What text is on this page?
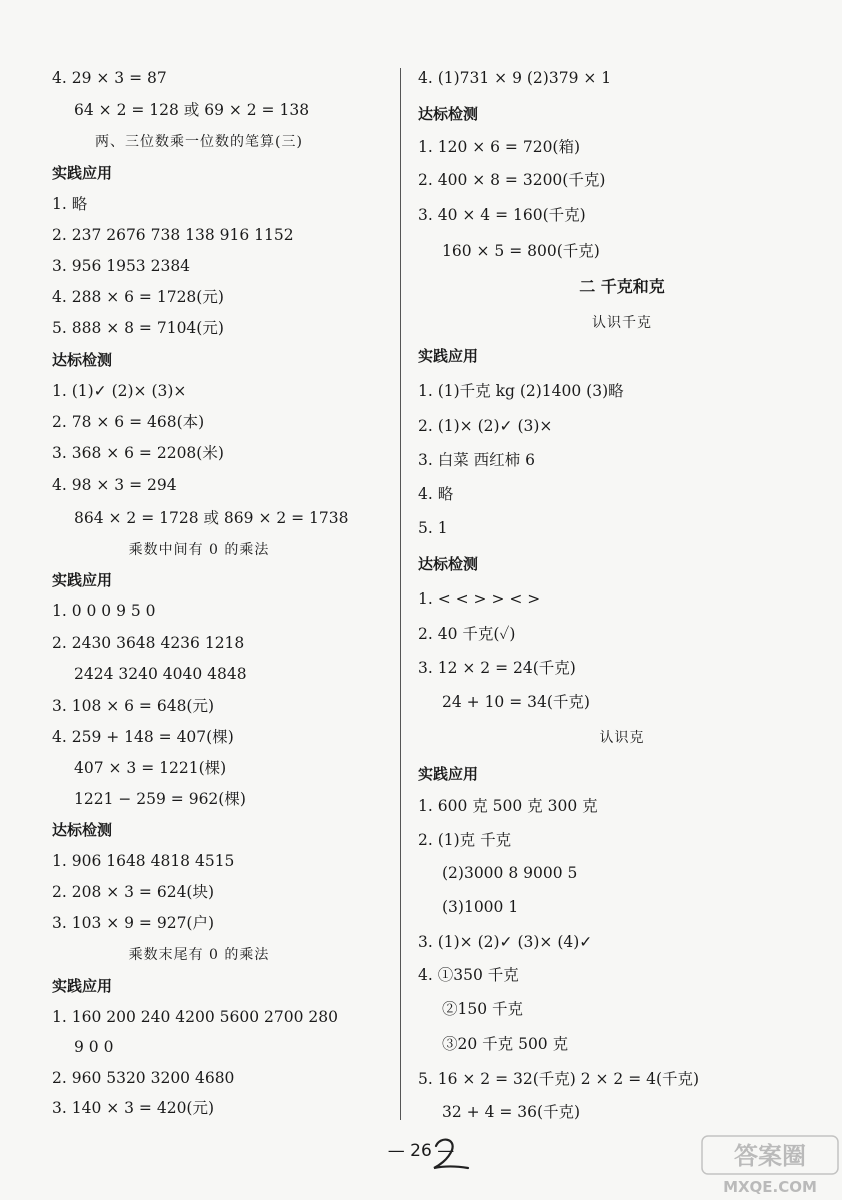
4. 29 × 3 = 87
64 × 2 = 128 或 69 × 2 = 138
两、三位数乘一位数的笔算(三)
实践应用
1. 略
2. 237 2676 738 138 916 1152
3. 956 1953 2384
4. 288 × 6 = 1728(元)
5. 888 × 8 = 7104(元)
达标检测
1. (1)✓ (2)× (3)×
2. 78 × 6 = 468(本)
3. 368 × 6 = 2208(米)
4. 98 × 3 = 294
864 × 2 = 1728 或 869 × 2 = 1738
乘数中间有 0 的乘法
实践应用
1. 0 0 0 9 5 0
2. 2430 3648 4236 1218
2424 3240 4040 4848
3. 108 × 6 = 648(元)
4. 259 + 148 = 407(棵)
407 × 3 = 1221(棵)
1221 − 259 = 962(棵)
达标检测
1. 906 1648 4818 4515
2. 208 × 3 = 624(块)
3. 103 × 9 = 927(户)
乘数末尾有 0 的乘法
实践应用
1. 160 200 240 4200 5600 2700 280
9 0 0
2. 960 5320 3200 4680
3. 140 × 3 = 420(元)
4. (1)731 × 9 (2)379 × 1
达标检测
1. 120 × 6 = 720(箱)
2. 400 × 8 = 3200(千克)
3. 40 × 4 = 160(千克)
160 × 5 = 800(千克)
二 千克和克
认识千克
实践应用
1. (1)千克 kg (2)1400 (3)略
2. (1)× (2)✓ (3)×
3. 白菜 西红柿 6
4. 略
5. 1
达标检测
1. < < > > < >
2. 40 千克(✓)
3. 12 × 2 = 24(千克)
24 + 10 = 34(千克)
认识克
实践应用
1. 600 克 500 克 300 克
2. (1)克 千克
(2)3000 8 9000 5
(3)1000 1
3. (1)× (2)✓ (3)× (4)✓
4. ①350 千克
②150 千克
③20 千克 500 克
5. 16 × 2 = 32(千克) 2 × 2 = 4(千克)
32 + 4 = 36(千克)
— 26 —	答案圈
MXQE.COM
